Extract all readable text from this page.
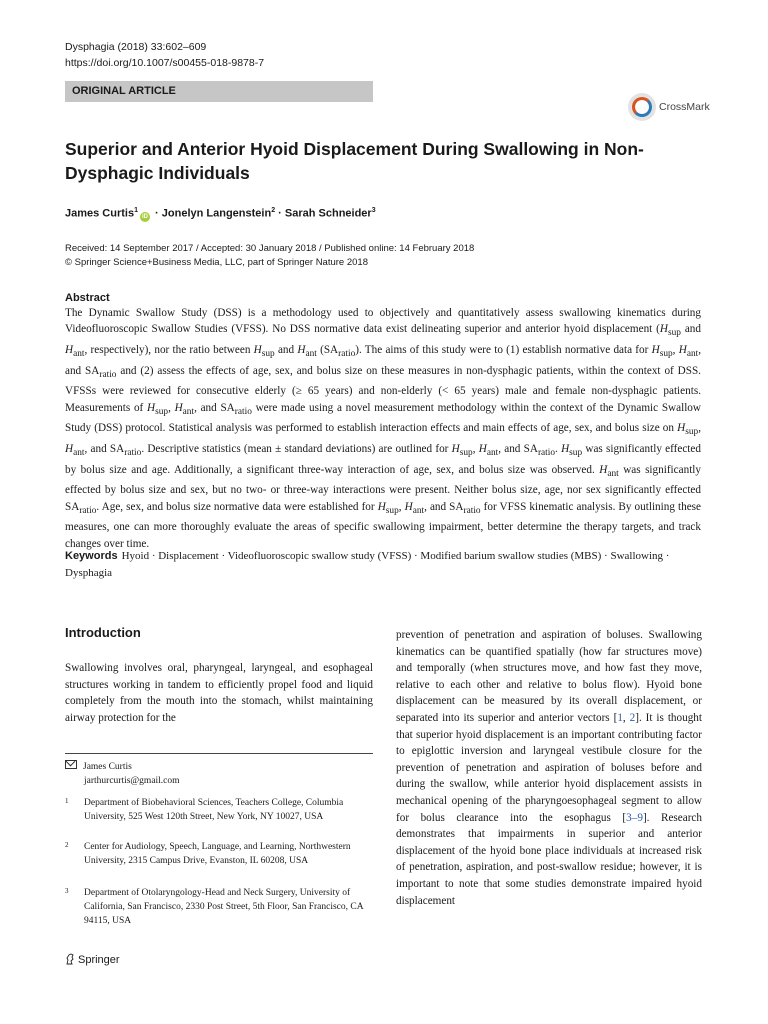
Dysphagia (2018) 33:602–609
https://doi.org/10.1007/s00455-018-9878-7
ORIGINAL ARTICLE
CrossMark
Superior and Anterior Hyoid Displacement During Swallowing in Non-Dysphagic Individuals
James Curtis$^1$iD · Jonelyn Langenstein$^2$ · Sarah Schneider$^3$
Received: 14 September 2017 / Accepted: 30 January 2018 / Published online: 14 February 2018
© Springer Science+Business Media, LLC, part of Springer Nature 2018
Abstract
The Dynamic Swallow Study (DSS) is a methodology used to objectively and quantitatively assess swallowing kinematics during Videofluoroscopic Swallow Studies (VFSS). No DSS normative data exist delineating superior and anterior hyoid displacement ($H_{sup}$ and $H_{ant}$, respectively), nor the ratio between $H_{sup}$ and $H_{ant}$ $(SA_{ratio})$. The aims of this study were to (1) establish normative data for $H_{sup}$, $H_{ant}$, and $SA_{ratio}$ and (2) assess the effects of age, sex, and bolus size on these measures in non-dysphagic patients, within the context of DSS. VFSSs were reviewed for consecutive elderly (≥ 65 years) and non-elderly (< 65 years) male and female non-dysphagic patients. Measurements of $H_{sup}$, $H_{ant}$, and $SA_{ratio}$ were made using a novel measurement methodology within the context of the Dynamic Swallow Study (DSS) protocol. Statistical analysis was performed to establish interaction effects and main effects of age, sex, and bolus size on $H_{sup}$, $H_{ant}$, and $SA_{ratio}$. Descriptive statistics (mean ± standard deviations) are outlined for $H_{sup}$, $H_{ant}$, and $SA_{ratio}$. $H_{sup}$ was significantly effected by bolus size and age. Additionally, a significant three-way interaction of age, sex, and bolus size was observed. $H_{ant}$ was significantly effected by bolus size and sex, but no two- or three-way interactions were present. Neither bolus size, age, nor sex significantly effected $SA_{ratio}$. Age, sex, and bolus size normative data were established for $H_{sup}$, $H_{ant}$, and $SA_{ratio}$ for VFSS kinematic analysis. By outlining these measures, one can more thoroughly evaluate the areas of specific swallowing impairment, better determine the therapy targets, and track changes over time.
Keywords Hyoid · Displacement · Videofluoroscopic swallow study (VFSS) · Modified barium swallow studies (MBS) · Swallowing · Dysphagia
Introduction
Swallowing involves oral, pharyngeal, laryngeal, and esophageal structures working in tandem to efficiently propel food and liquid completely from the mouth into the stomach, whilst maintaining airway protection for the
prevention of penetration and aspiration of boluses. Swallowing kinematics can be quantified spatially (how far structures move) and temporally (when structures move, and how fast they move, relative to each other and relative to bolus flow). Hyoid bone displacement can be measured by its overall displacement, or separated into its superior and anterior vectors [1, 2]. It is thought that superior hyoid displacement is an important contributing factor to epiglottic inversion and laryngeal vestibule closure for the prevention of penetration and aspiration of boluses before and during the swallow, while anterior hyoid displacement assists in mechanical opening of the pharyngoesophageal segment to allow for bolus clearance into the esophagus [3–9]. Research demonstrates that impairments in superior and anterior displacement of the hyoid bone place individuals at increased risk of penetration, aspiration, and post-swallow residue; however, it is important to note that some studies demonstrate impaired hyoid displacement
James Curtis
jarthurcurtis@gmail.com
1 Department of Biobehavioral Sciences, Teachers College, Columbia University, 525 West 120th Street, New York, NY 10027, USA
2 Center for Audiology, Speech, Language, and Learning, Northwestern University, 2315 Campus Drive, Evanston, IL 60208, USA
3 Department of Otolaryngology-Head and Neck Surgery, University of California, San Francisco, 2330 Post Street, 5th Floor, San Francisco, CA 94115, USA
Springer
